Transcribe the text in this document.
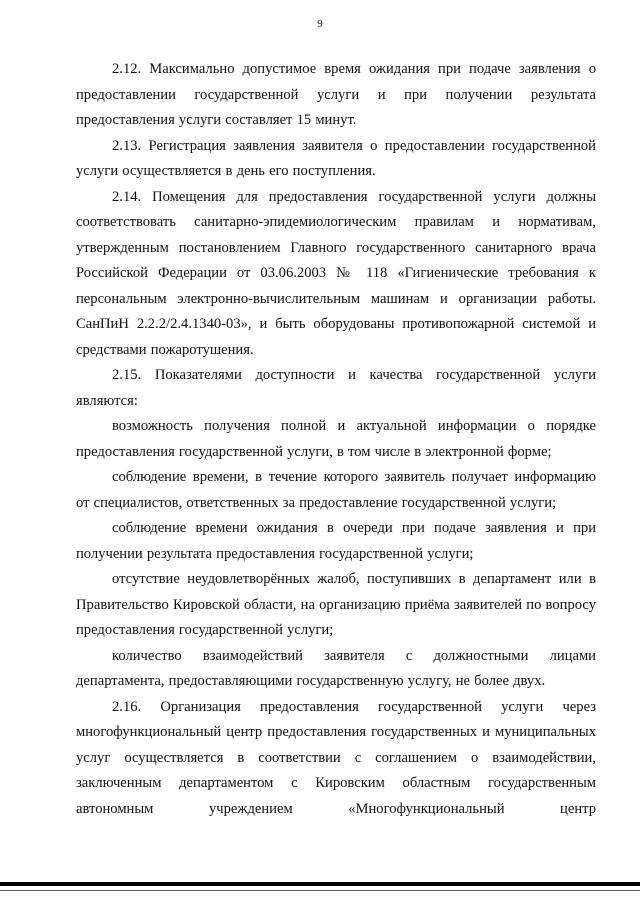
9

2.12. Максимально допустимое время ожидания при подаче заявления о предоставлении государственной услуги и при получении результата предоставления услуги составляет 15 минут.

2.13. Регистрация заявления заявителя о предоставлении государственной услуги осуществляется в день его поступления.

2.14. Помещения для предоставления государственной услуги должны соответствовать санитарно-эпидемиологическим правилам и нормативам, утвержденным постановлением Главного государственного санитарного врача Российской Федерации от 03.06.2003 № 118 «Гигиенические требования к персональным электронно-вычислительным машинам и организации работы. СанПиН 2.2.2/2.4.1340-03», и быть оборудованы противопожарной системой и средствами пожаротушения.

2.15. Показателями доступности и качества государственной услуги являются:

возможность получения полной и актуальной информации о порядке предоставления государственной услуги, в том числе в электронной форме;

соблюдение времени, в течение которого заявитель получает информацию от специалистов, ответственных за предоставление государственной услуги;

соблюдение времени ожидания в очереди при подаче заявления и при получении результата предоставления государственной услуги;

отсутствие неудовлетворённых жалоб, поступивших в департамент или в Правительство Кировской области, на организацию приёма заявителей по вопросу предоставления государственной услуги;

количество взаимодействий заявителя с должностными лицами департамента, предоставляющими государственную услугу, не более двух.

2.16. Организация предоставления государственной услуги через многофункциональный центр предоставления государственных и муниципальных услуг осуществляется в соответствии с соглашением о взаимодействии, заключенным департаментом с Кировским областным государственным автономным учреждением «Многофункциональный центр
